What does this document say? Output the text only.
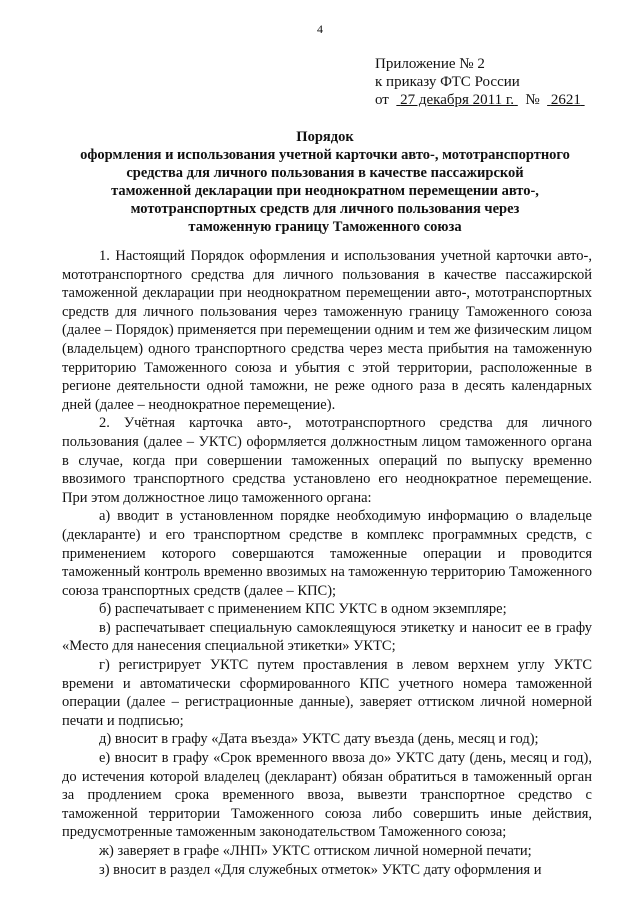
4
Приложение № 2
к приказу ФТС России
от 27 декабря 2011 г. № 2621
Порядок
оформления и использования учетной карточки авто-, мототранспортного
средства для личного пользования в качестве пассажирской
таможенной декларации при неоднократном перемещении авто-,
мототранспортных средств для личного пользования через
таможенную границу Таможенного союза

1. Настоящий Порядок оформления и использования учетной карточки авто-, мототранспортного средства для личного пользования в качестве пассажирской таможенной декларации при неоднократном перемещении авто-, мототранспортных средств для личного пользования через таможенную границу Таможенного союза (далее – Порядок) применяется при перемещении одним и тем же физическим лицом (владельцем) одного транспортного средства через места прибытия на таможенную территорию Таможенного союза и убытия с этой территории, расположенные в регионе деятельности одной таможни, не реже одного раза в десять календарных дней (далее – неоднократное перемещение).

2. Учётная карточка авто-, мототранспортного средства для личного пользования (далее – УКТС) оформляется должностным лицом таможенного органа в случае, когда при совершении таможенных операций по выпуску временно ввозимого транспортного средства установлено его неоднократное перемещение. При этом должностное лицо таможенного органа:

а) вводит в установленном порядке необходимую информацию о владельце (декларанте) и его транспортном средстве в комплекс программных средств, с применением которого совершаются таможенные операции и проводится таможенный контроль временно ввозимых на таможенную территорию Таможенного союза транспортных средств (далее – КПС);

б) распечатывает с применением КПС УКТС в одном экземпляре;

в) распечатывает специальную самоклеящуюся этикетку и наносит ее в графу «Место для нанесения специальной этикетки» УКТС;

г) регистрирует УКТС путем проставления в левом верхнем углу УКТС времени и автоматически сформированного КПС учетного номера таможенной операции (далее – регистрационные данные), заверяет оттиском личной номерной печати и подписью;

д) вносит в графу «Дата въезда» УКТС дату въезда (день, месяц и год);

е) вносит в графу «Срок временного ввоза до» УКТС дату (день, месяц и год), до истечения которой владелец (декларант) обязан обратиться в таможенный орган за продлением срока временного ввоза, вывезти транспортное средство с таможенной территории Таможенного союза либо совершить иные действия, предусмотренные таможенным законодательством Таможенного союза;

ж) заверяет в графе «ЛНП» УКТС оттиском личной номерной печати;

з) вносит в раздел «Для служебных отметок» УКТС дату оформления и
